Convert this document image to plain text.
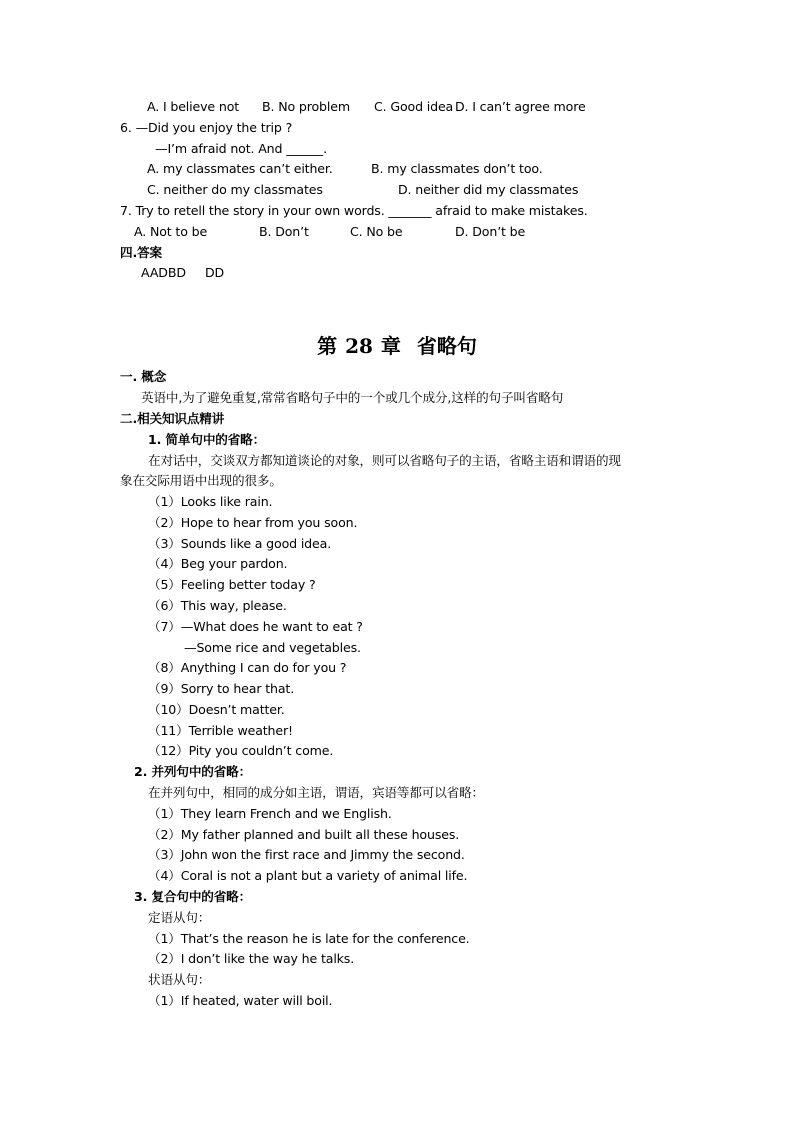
A. I believe not B. No problem C. Good idea D. I can’t agree more
6. —Did you enjoy the trip ?
—I’m afraid not. And ______.
A. my classmates can’t either.	B. my classmates don’t too.
C. neither do my classmates	D. neither did my classmates
7. Try to retell the story in your own words. _______ afraid to make mistakes.
A. Not to be	B. Don’t	C. No be	D. Don’t be
四.答案
AADBD DD
第 28 章 省略句
一. 概念
英语中,为了避免重复,常常省略句子中的一个或几个成分,这样的句子叫省略句
二.相关知识点精讲
1. 简单句中的省略：
在对话中，交谈双方都知道谈论的对象，则可以省略句子的主语，省略主语和谓语的现
象在交际用语中出现的很多。
（1）Looks like rain.
（2）Hope to hear from you soon.
（3）Sounds like a good idea.
（4）Beg your pardon.
（5）Feeling better today ?
（6）This way, please.
（7）—What does he want to eat ?
—Some rice and vegetables.
（8）Anything I can do for you ?
（9）Sorry to hear that.
（10）Doesn’t matter.
（11）Terrible weather!
（12）Pity you couldn’t come.
2. 并列句中的省略：
在并列句中，相同的成分如主语，谓语，宾语等都可以省略：
（1）They learn French and we English.
（2）My father planned and built all these houses.
（3）John won the first race and Jimmy the second.
（4）Coral is not a plant but a variety of animal life.
3. 复合句中的省略：
定语从句：
（1）That’s the reason he is late for the conference.
（2）I don’t like the way he talks.
状语从句：
（1）If heated, water will boil.
